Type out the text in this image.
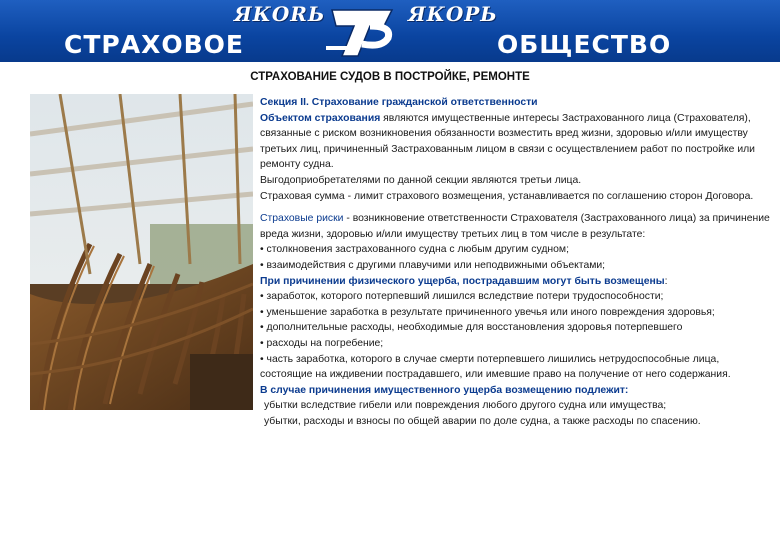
ЯКОRЬ	ЯКОРЬ
СТРАХОВОЕ	ОБЩЕСТВО
СТРАХОВАНИЕ СУДОВ В ПОСТРОЙКЕ, РЕМОНТЕ

Секция II. Страхование гражданской ответственности

Объектом страхования являются имущественные интересы Застрахованного лица (Страхователя), связанные с риском возникновения обязанности возместить вред жизни, здоровью и/или имуществу третьих лиц, причиненный Застрахованным лицом в связи с осуществлением работ по постройке или ремонту судна.

Выгодоприобретателями по данной секции являются третьи лица.

Страховая сумма - лимит страхового возмещения, устанавливается по соглашению сторон Договора.

Страховые риски - возникновение ответственности Страхователя (Застрахованного лица) за причинение вреда жизни, здоровью и/или имуществу третьих лиц в том числе в результате:

• столкновения застрахованного судна с любым другим судном;

• взаимодействия с другими плавучими или неподвижными объектами;

При причинении физического ущерба, пострадавшим могут быть возмещены:

• заработок, которого потерпевший лишился вследствие потери трудоспособности;

• уменьшение заработка в результате причиненного увечья или иного повреждения здоровья;

• дополнительные расходы, необходимые для восстановления здоровья потерпевшего

• расходы на погребение;

• часть заработка, которого в случае смерти потерпевшего лишились нетрудоспособные лица, состоящие на иждивении пострадавшего, или имевшие право на получение от него содержания.

В случае причинения имущественного ущерба возмещению подлежит:

убытки вследствие гибели или повреждения любого другого судна или имущества;

убытки, расходы и взносы по общей аварии по доле судна, а также расходы по спасению.
